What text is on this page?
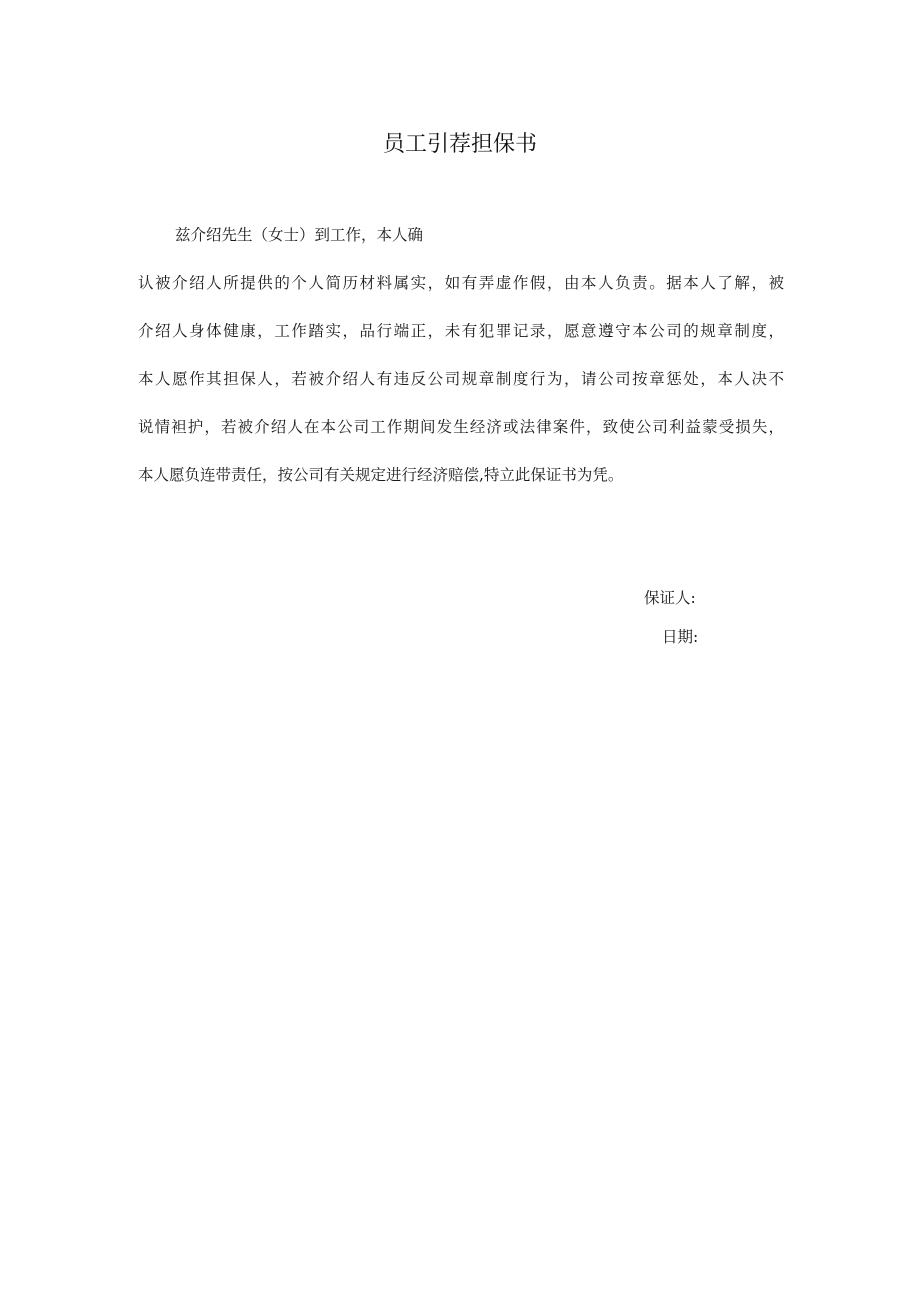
员工引荐担保书
兹介绍先生（女士）到工作，本人确
认被介绍人所提供的个人简历材料属实，如有弄虚作假，由本人负责。据本人了解，被
介绍人身体健康，工作踏实，品行端正，未有犯罪记录，愿意遵守本公司的规章制度，
本人愿作其担保人，若被介绍人有违反公司规章制度行为，请公司按章惩处，本人决不
说情袒护，若被介绍人在本公司工作期间发生经济或法律案件，致使公司利益蒙受损失，
本人愿负连带责任，按公司有关规定进行经济赔偿,特立此保证书为凭。
保证人:
日期:
